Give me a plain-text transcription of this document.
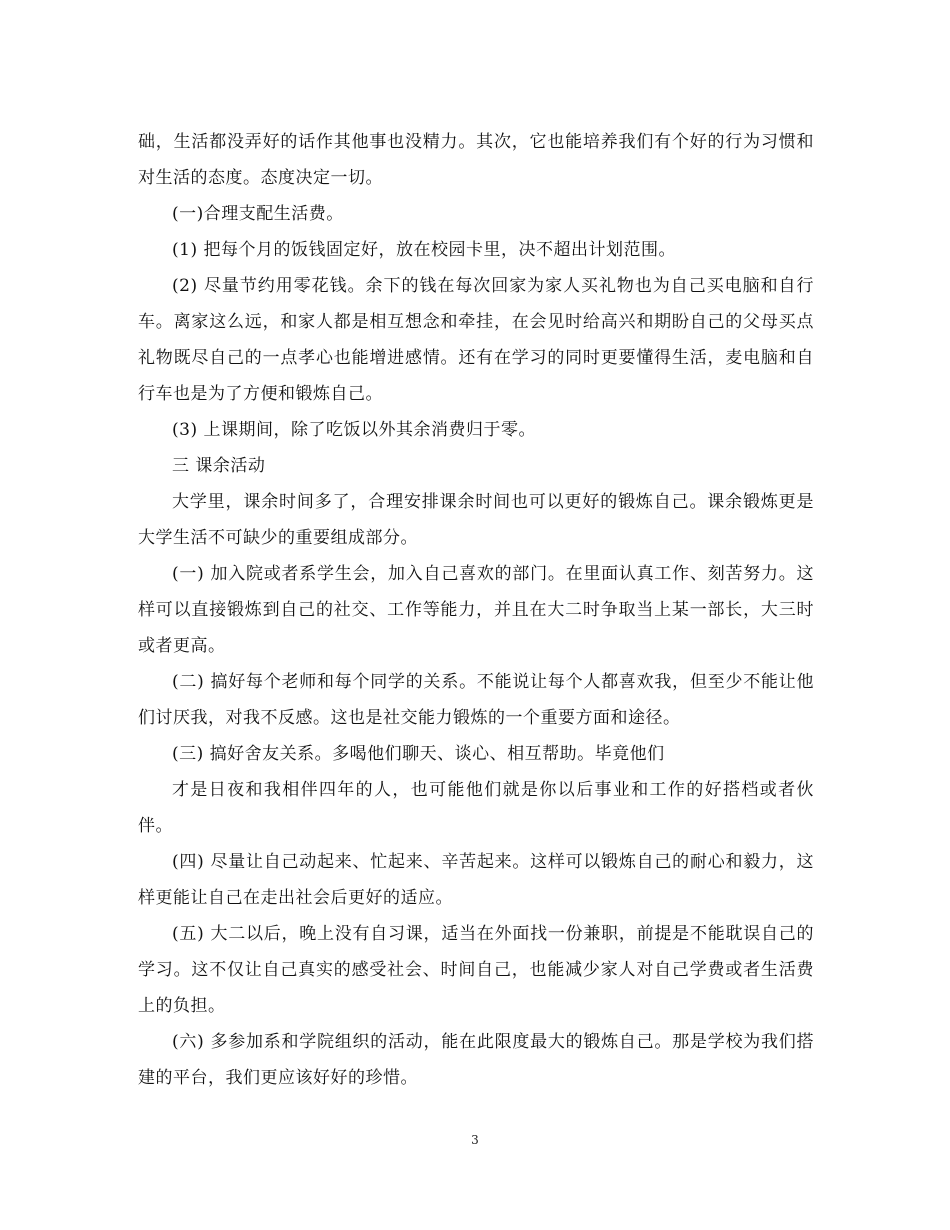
础，生活都没弄好的话作其他事也没精力。其次，它也能培养我们有个好的行为习惯和对生活的态度。态度决定一切。

(一)合理支配生活费。

(1) 把每个月的饭钱固定好，放在校园卡里，决不超出计划范围。

(2) 尽量节约用零花钱。余下的钱在每次回家为家人买礼物也为自己买电脑和自行车。离家这么远，和家人都是相互想念和牵挂，在会见时给高兴和期盼自己的父母买点礼物既尽自己的一点孝心也能增进感情。还有在学习的同时更要懂得生活，麦电脑和自行车也是为了方便和锻炼自己。

(3) 上课期间，除了吃饭以外其余消费归于零。

三 课余活动

大学里，课余时间多了，合理安排课余时间也可以更好的锻炼自己。课余锻炼更是大学生活不可缺少的重要组成部分。

(一) 加入院或者系学生会，加入自己喜欢的部门。在里面认真工作、刻苦努力。这样可以直接锻炼到自己的社交、工作等能力，并且在大二时争取当上某一部长，大三时或者更高。

(二) 搞好每个老师和每个同学的关系。不能说让每个人都喜欢我，但至少不能让他们讨厌我，对我不反感。这也是社交能力锻炼的一个重要方面和途径。

(三) 搞好舍友关系。多喝他们聊天、谈心、相互帮助。毕竟他们

才是日夜和我相伴四年的人，也可能他们就是你以后事业和工作的好搭档或者伙伴。

(四) 尽量让自己动起来、忙起来、辛苦起来。这样可以锻炼自己的耐心和毅力，这样更能让自己在走出社会后更好的适应。

(五) 大二以后，晚上没有自习课，适当在外面找一份兼职，前提是不能耽误自己的学习。这不仅让自己真实的感受社会、时间自己，也能减少家人对自己学费或者生活费上的负担。

(六) 多参加系和学院组织的活动，能在此限度最大的锻炼自己。那是学校为我们搭建的平台，我们更应该好好的珍惜。

3
